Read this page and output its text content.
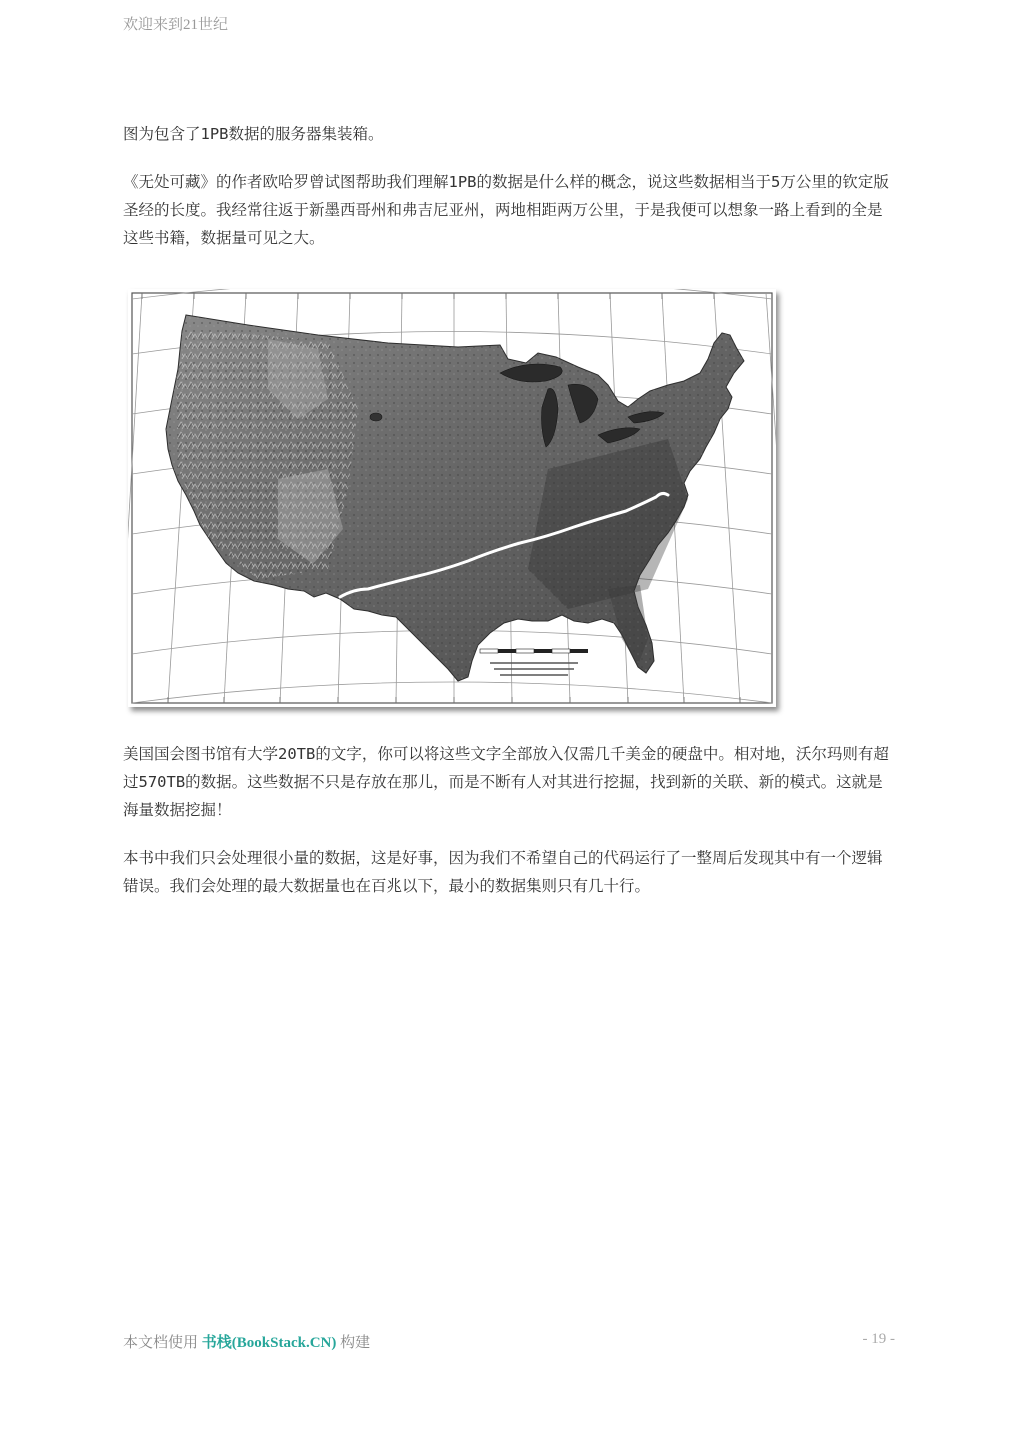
欢迎来到21世纪

图为包含了1PB数据的服务器集装箱。

《无处可藏》的作者欧哈罗曾试图帮助我们理解1PB的数据是什么样的概念，说这些数据相当于5万公里的钦定版圣经的长度。我经常往返于新墨西哥州和弗吉尼亚州，两地相距两万公里，于是我便可以想象一路上看到的全是这些书籍，数据量可见之大。

美国国会图书馆有大学20TB的文字，你可以将这些文字全部放入仅需几千美金的硬盘中。相对地，沃尔玛则有超过570TB的数据。这些数据不只是存放在那儿，而是不断有人对其进行挖掘，找到新的关联、新的模式。这就是海量数据挖掘！

本书中我们只会处理很小量的数据，这是好事，因为我们不希望自己的代码运行了一整周后发现其中有一个逻辑错误。我们会处理的最大数据量也在百兆以下，最小的数据集则只有几十行。

本文档使用 书栈(BookStack.CN) 构建	- 19 -
